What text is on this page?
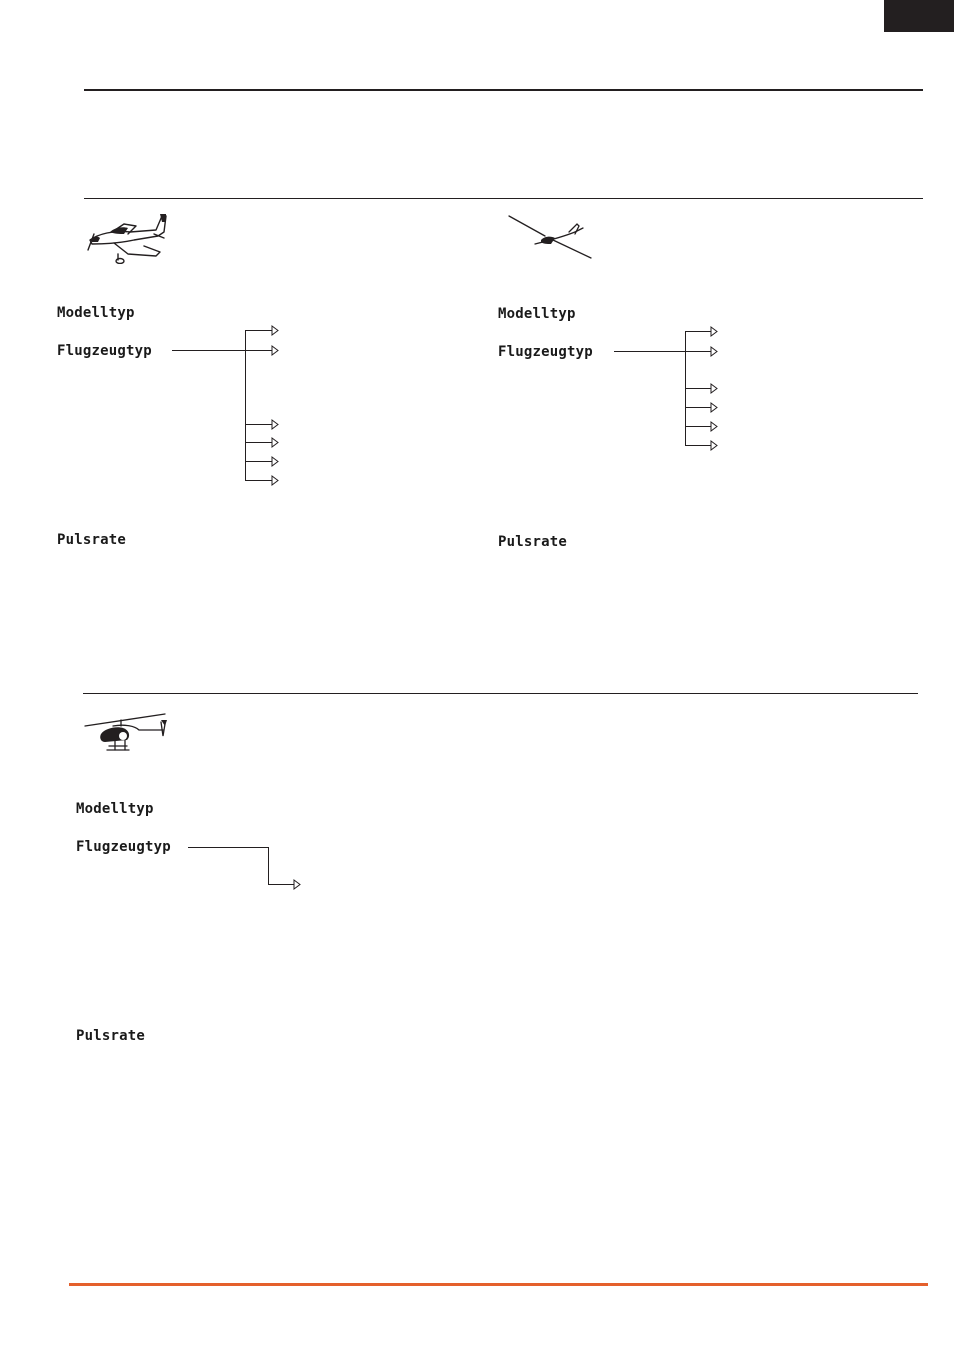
Modelltyp
Flugzeugtyp
Pulsrate
Modelltyp
Flugzeugtyp
Pulsrate
Modelltyp
Flugzeugtyp
Pulsrate
